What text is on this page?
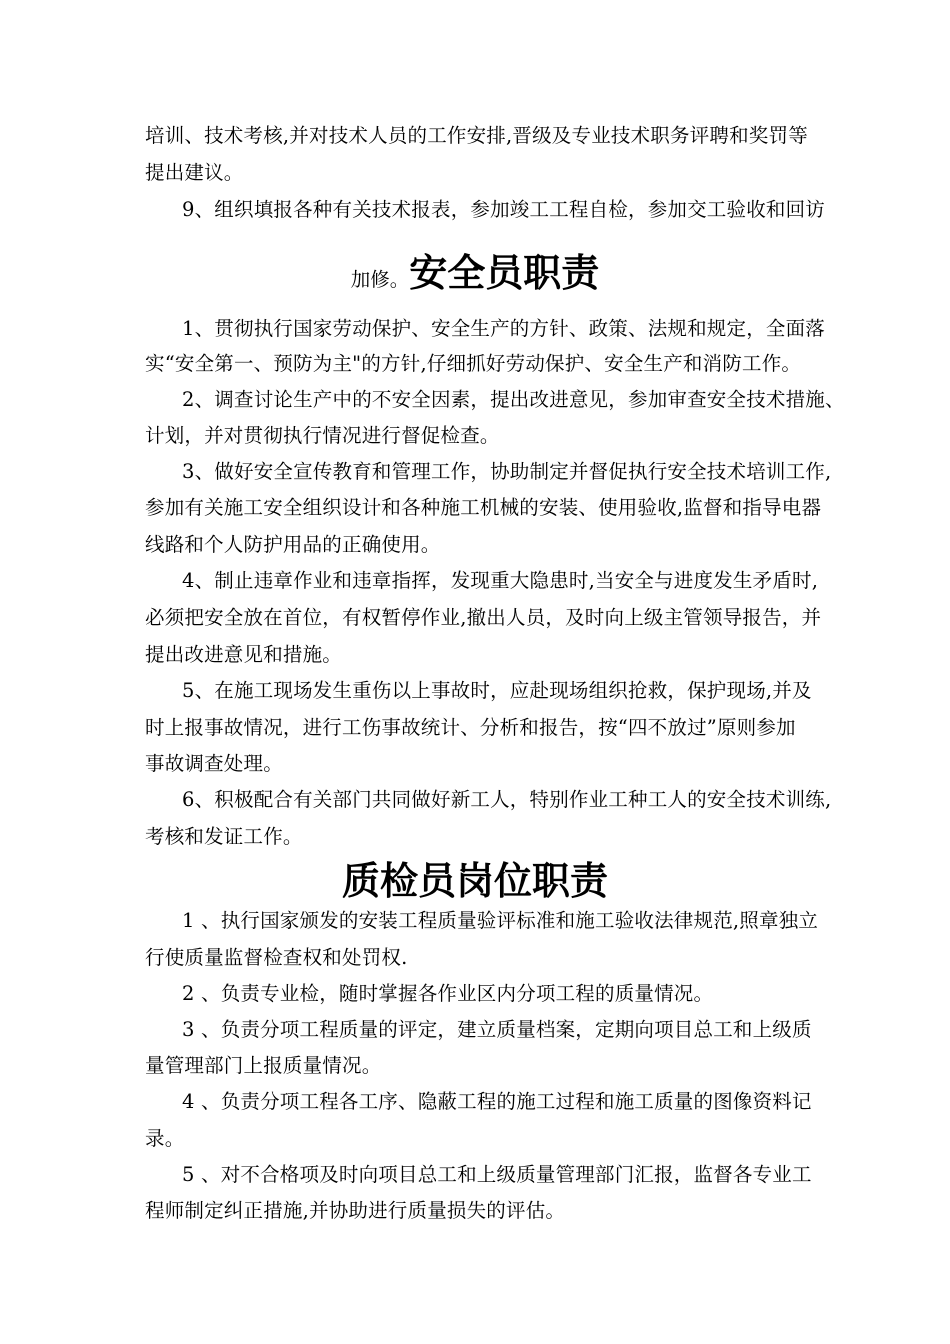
培训、技术考核,并对技术人员的工作安排,晋级及专业技术职务评聘和奖罚等
提出建议。
9、组织填报各种有关技术报表，参加竣工工程自检，参加交工验收和回访
加修。安全员职责
1、贯彻执行国家劳动保护、安全生产的方针、政策、法规和规定，全面落
实“安全第一、预防为主"的方针,仔细抓好劳动保护、安全生产和消防工作。
2、调查讨论生产中的不安全因素，提出改进意见，参加审查安全技术措施、
计划，并对贯彻执行情况进行督促检查。
3、做好安全宣传教育和管理工作，协助制定并督促执行安全技术培训工作,
参加有关施工安全组织设计和各种施工机械的安装、使用验收,监督和指导电器
线路和个人防护用品的正确使用。
4、制止违章作业和违章指挥，发现重大隐患时,当安全与进度发生矛盾时,
必须把安全放在首位，有权暂停作业,撤出人员，及时向上级主管领导报告，并
提出改进意见和措施。
5、在施工现场发生重伤以上事故时，应赴现场组织抢救，保护现场,并及
时上报事故情况，进行工伤事故统计、分析和报告，按“四不放过”原则参加
事故调查处理。
6、积极配合有关部门共同做好新工人，特别作业工种工人的安全技术训练,
考核和发证工作。
质检员岗位职责
1 、执行国家颁发的安装工程质量验评标准和施工验收法律规范,照章独立
行使质量监督检查权和处罚权.
2 、负责专业检，随时掌握各作业区内分项工程的质量情况。
3 、负责分项工程质量的评定，建立质量档案，定期向项目总工和上级质
量管理部门上报质量情况。
4 、负责分项工程各工序、隐蔽工程的施工过程和施工质量的图像资料记
录。
5 、对不合格项及时向项目总工和上级质量管理部门汇报，监督各专业工
程师制定纠正措施,并协助进行质量损失的评估。
